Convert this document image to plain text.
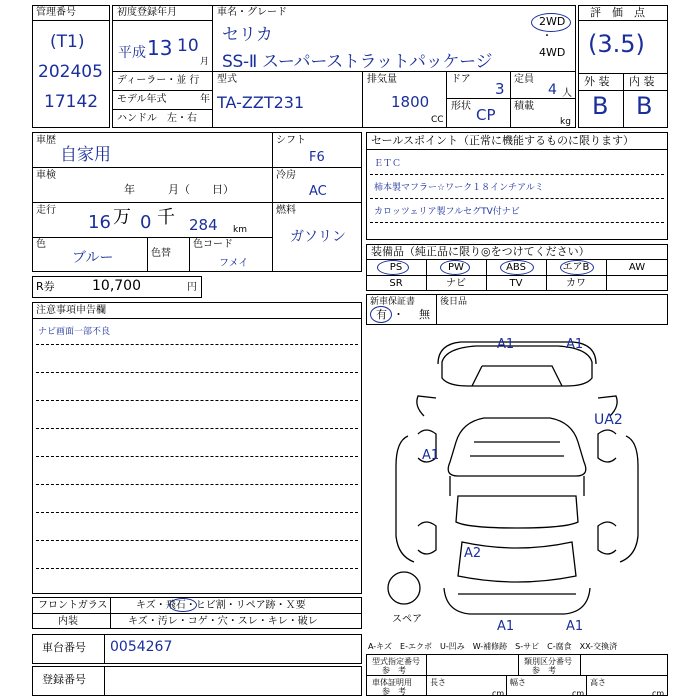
管理番号
(T1)
202405
17142
初度登録年月
平成 13 10
月
車名・グレード
セリカ
SS-Ⅱ スーパーストラットパッケージ
2WD
・
4WD
ディーラー・並 行
モデル年式	年
ハンドル　左・右
型式
TA-ZZT231
排気量
1800
CC
ドア
3
定員
4 人
形状 CP 積載
kg
評　価　点
(3.5)
外 装 内 装
B B
車歴
自家用
車検
年　　　月（　　日）
走行
16 万 0 千 284 km
色
ブルー	色替
色コード
フメイ
シフト
F6
冷房
AC
燃料
ガソリン
R券	10,700	円
セールスポイント（正常に機能するものに限ります）
ＥＴＣ
柿本製マフラー☆ワーク１８インチアルミ
カロッツェリア製フルセグTV付ナビ
装備品（純正品に限り◎をつけてください）
PS	PW	ABS	エアB	AW
SR	ナビ	TV	カワ
新車保証書
有 ・ 無
後日品
注意事項申告欄
ナビ画面一部不良
A1	A1
UA2
A1
A2
A1	A1
スペア
フロントガラス	キズ・飛石・ヒビ割・リペア跡・Ｘ要
内装	キズ・汚レ・コゲ・穴・スレ・キレ・破レ
A-キズ　E-エクボ　U-凹み　W-補修跡　S-サビ　C-腐食　XX-交換済
車台番号 0054267
登録番号
型式指定番号
参　考
類別区分番号
参　考
車体証明用
参　考
長さ
cm
幅さ
cm
高さ
cm
